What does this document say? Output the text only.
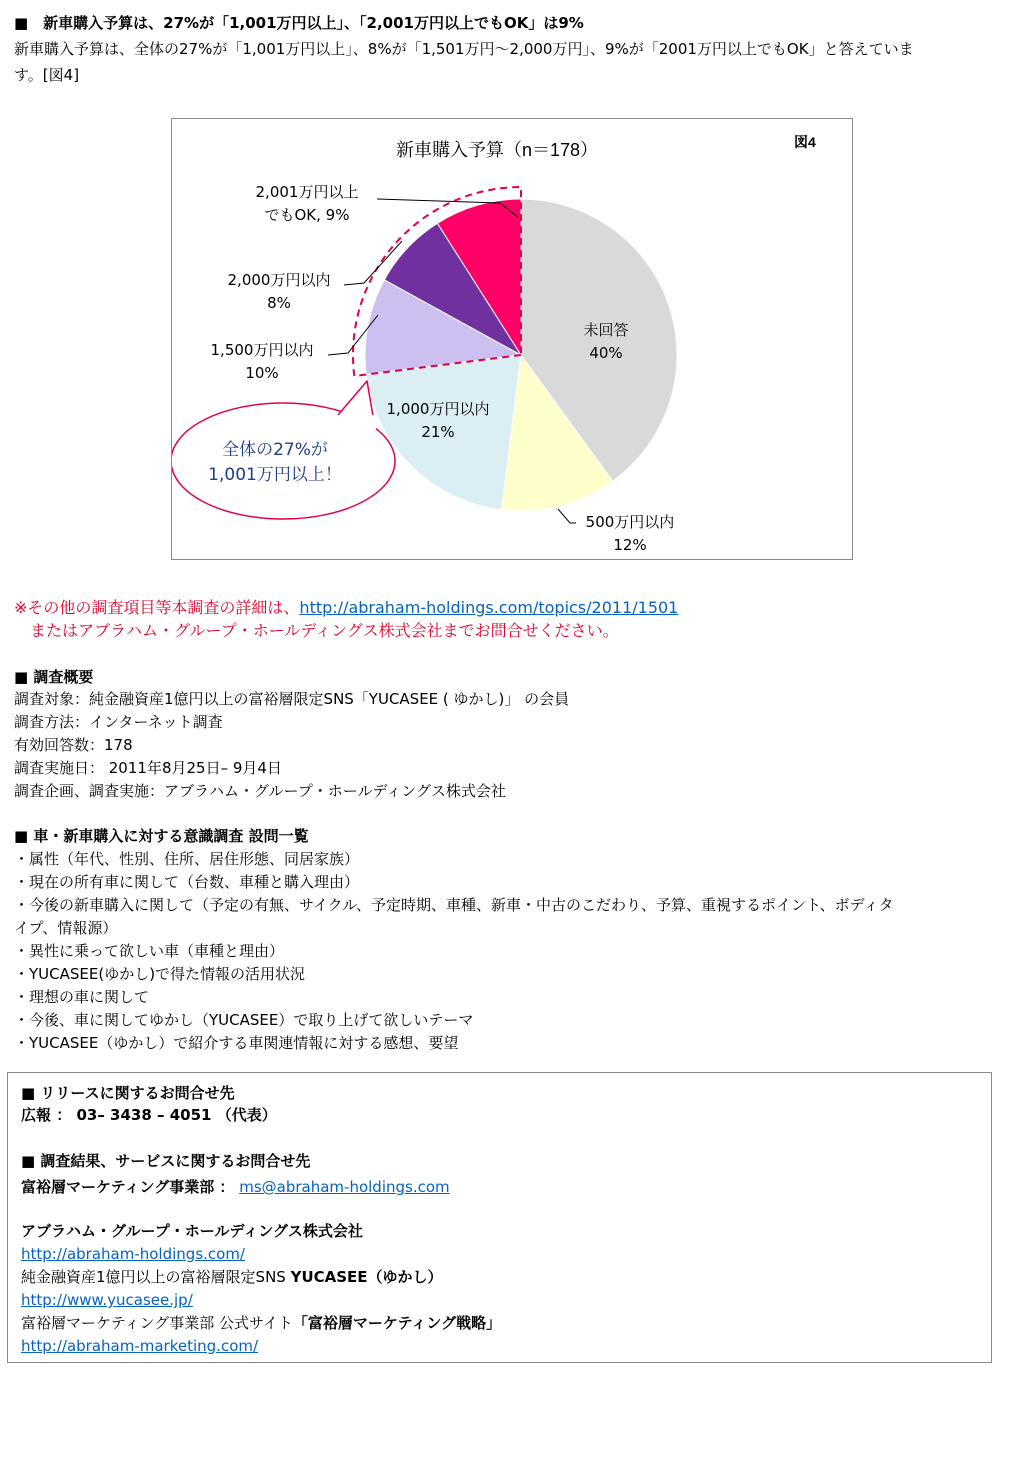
■　新車購入予算は、27%が「1,001万円以上」、「2,001万円以上でもOK」は9%
新車購入予算は、全体の27%が「1,001万円以上」、8%が「1,501万円～2,000万円」、9%が「2001万円以上でもOK」と答えていま
す。[図4]
新車購入予算（n＝178）	図4
未回答
40%
500万円以内
12%
1,000万円以内
21%
1,500万円以内
10%
2,000万円以内
8%
2,001万円以上
でもOK, 9%
全体の27%が
1,001万円以上！
※その他の調査項目等本調査の詳細は、http://abraham-holdings.com/topics/2011/1501
　またはアブラハム・グループ・ホールディングス株式会社までお問合せください。
■ 調査概要
調査対象：純金融資産1億円以上の富裕層限定SNS「YUCASEE ( ゆかし)」 の会員
調査方法：インターネット調査
有効回答数：178
調査実施日： 2011年8月25日– 9月4日
調査企画、調査実施：アブラハム・グループ・ホールディングス株式会社
■ 車・新車購入に対する意識調査 設問一覧
・属性（年代、性別、住所、居住形態、同居家族）
・現在の所有車に関して（台数、車種と購入理由）
・今後の新車購入に関して（予定の有無、サイクル、予定時期、車種、新車・中古のこだわり、予算、重視するポイント、ボディタ
イプ、情報源）
・異性に乗って欲しい車（車種と理由）
・YUCASEE(ゆかし)で得た情報の活用状況
・理想の車に関して
・今後、車に関してゆかし（YUCASEE）で取り上げて欲しいテーマ
・YUCASEE（ゆかし）で紹介する車関連情報に対する感想、要望
■ リリースに関するお問合せ先
広報 ： 03– 3438 – 4051 （代表）
■ 調査結果、サービスに関するお問合せ先
富裕層マーケティング事業部 ： ms@abraham-holdings.com
アブラハム・グループ・ホールディングス株式会社
http://abraham-holdings.com/
純金融資産1億円以上の富裕層限定SNS YUCASEE（ゆかし）
http://www.yucasee.jp/
富裕層マーケティング事業部 公式サイト「富裕層マーケティング戦略」
http://abraham-marketing.com/
